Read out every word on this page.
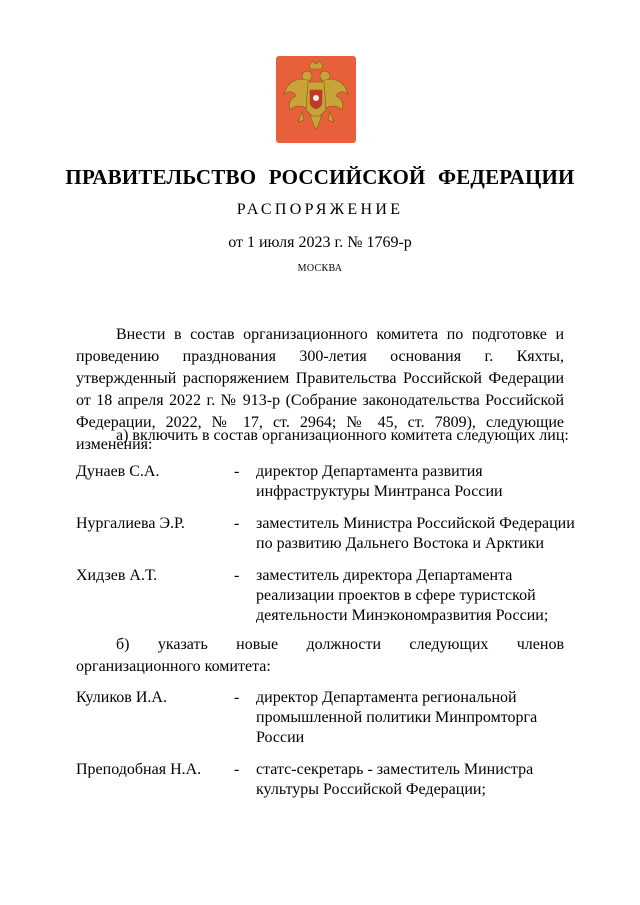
ПРАВИТЕЛЬСТВО РОССИЙСКОЙ ФЕДЕРАЦИИ
РАСПОРЯЖЕНИЕ
от 1 июля 2023 г. № 1769-р
МОСКВА
Внести в состав организационного комитета по подготовке и проведению празднования 300-летия основания г. Кяхты, утвержденный распоряжением Правительства Российской Федерации от 18 апреля 2022 г. № 913-р (Собрание законодательства Российской Федерации, 2022, № 17, ст. 2964; № 45, ст. 7809), следующие изменения:
а) включить в состав организационного комитета следующих лиц:
Дунаев С.А.	- директор Департамента развития инфраструктуры Минтранса России
Нургалиева Э.Р.	- заместитель Министра Российской Федерации по развитию Дальнего Востока и Арктики
Хидзев А.Т.	- заместитель директора Департамента реализации проектов в сфере туристской деятельности Минэкономразвития России;
б) указать новые должности следующих членов организационного комитета:
Куликов И.А.	- директор Департамента региональной промышленной политики Минпромторга России
Преподобная Н.А. - статс-секретарь - заместитель Министра культуры Российской Федерации;
